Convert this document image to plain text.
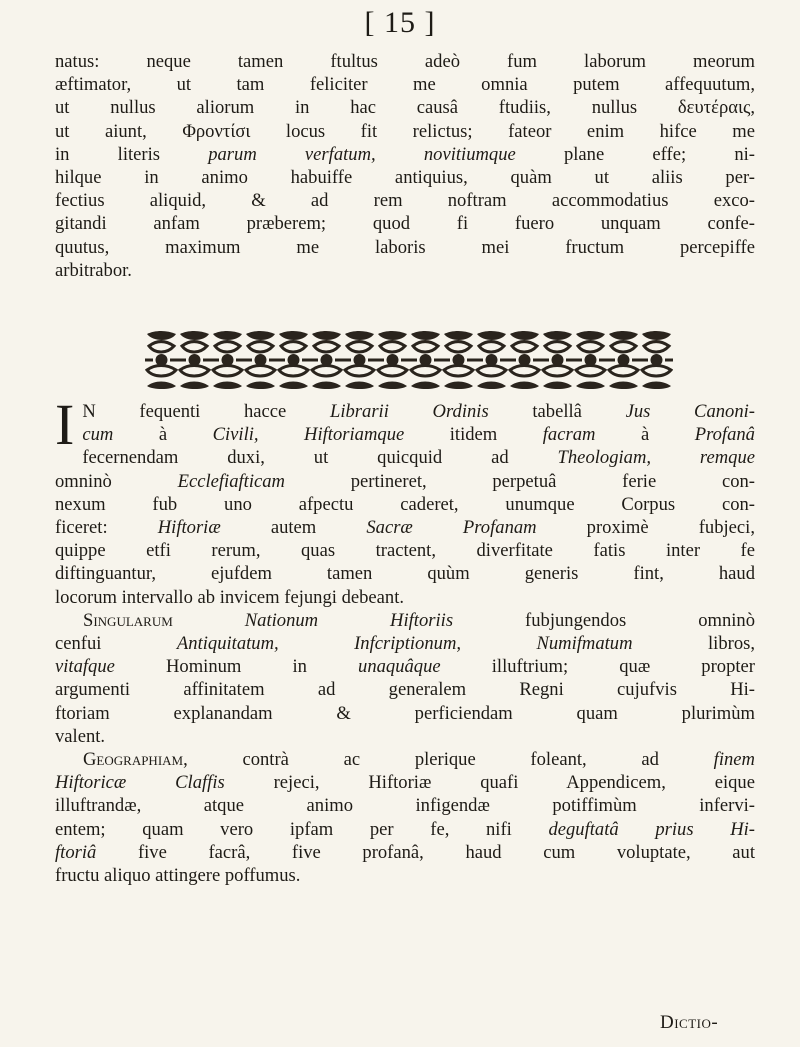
[ 15 ]
natus: neque tamen ftultus adeò fum laborum meorum
æftimator, ut tam feliciter me omnia putem affequutum,
ut nullus aliorum in hac causâ ftudiis, nullus δευτέραις,
ut aiunt, Φροντίσι locus fit relictus; fateor enim hifce me
in literis	parum verfatum, novitiumque	plane effe; ni-
hilque in animo habuiffe antiquius, quàm ut aliis per-
fectius aliquid, & ad rem noftram accommodatius exco-
gitandi anfam præberem; quod fi fuero unquam confe-
quutus, maximum me laboris mei fructum percepiffe
arbitrabor.
I N fequenti hacce Librarii Ordinis tabellâ Jus Canoni-
cum à Civili, Hiftoriamque itidem facram à Profanâ
fecernendam duxi, ut quicquid ad	Theologiam, remque
omninò	Ecclefiafticam	pertineret, perpetuâ ferie con-
nexum fub uno afpectu caderet, unumque Corpus con-
ficeret:	Hiftoriæ	autem	Sacræ Profanam	proximè fubjeci,
quippe etfi rerum, quas tractent, diverfitate fatis inter fe
diftinguantur, ejufdem tamen quùm generis fint, haud
locorum intervallo ab invicem fejungi debeant.
Singularum	Nationum Hiftoriis	fubjungendos omninò
cenfui	Antiquitatum, Infcriptionum, Numifmatum	libros,
vitafque	Hominum in	unaquâque	illuftrium; quæ propter
argumenti affinitatem ad generalem Regni cujufvis Hi-
ftoriam explanandam & perficiendam quam plurimùm
valent.
Geographiam,	contrà ac plerique foleant, ad	finem
Hiftoricæ Claffis	rejeci, Hiftoriæ quafi Appendicem, eique
illuftrandæ, atque animo infigendæ potiffimùm infervi-
entem; quam vero ipfam per fe, nifi deguftatâ prius Hi-
ftoriâ five facrâ, five profanâ, haud cum voluptate, aut
fructu aliquo attingere poffumus.
Dictio-
